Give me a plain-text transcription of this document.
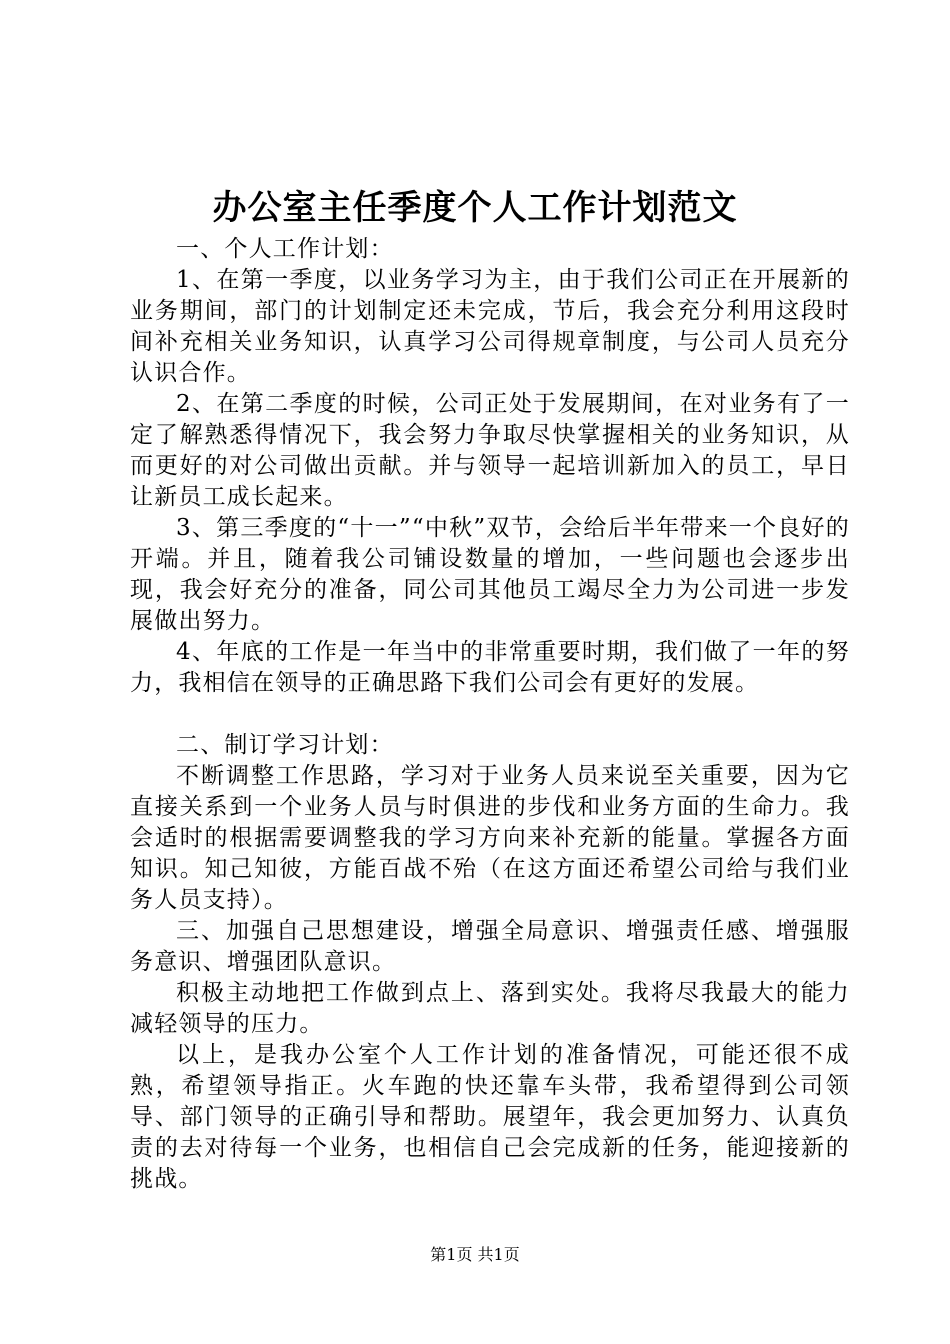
办公室主任季度个人工作计划范文

一、个人工作计划：

1、在第一季度，以业务学习为主，由于我们公司正在开展新的业务期间，部门的计划制定还未完成，节后，我会充分利用这段时间补充相关业务知识，认真学习公司得规章制度，与公司人员充分认识合作。

2、在第二季度的时候，公司正处于发展期间，在对业务有了一定了解熟悉得情况下，我会努力争取尽快掌握相关的业务知识，从而更好的对公司做出贡献。并与领导一起培训新加入的员工，早日让新员工成长起来。

3、第三季度的“十一”“中秋”双节，会给后半年带来一个良好的开端。并且，随着我公司铺设数量的增加，一些问题也会逐步出现，我会好充分的准备，同公司其他员工竭尽全力为公司进一步发展做出努力。

4、年底的工作是一年当中的非常重要时期，我们做了一年的努力，我相信在领导的正确思路下我们公司会有更好的发展。

二、制订学习计划：

不断调整工作思路，学习对于业务人员来说至关重要，因为它直接关系到一个业务人员与时俱进的步伐和业务方面的生命力。我会适时的根据需要调整我的学习方向来补充新的能量。掌握各方面知识。知己知彼，方能百战不殆（在这方面还希望公司给与我们业务人员支持）。

三、加强自己思想建设，增强全局意识、增强责任感、增强服务意识、增强团队意识。

积极主动地把工作做到点上、落到实处。我将尽我最大的能力减轻领导的压力。

以上，是我办公室个人工作计划的准备情况，可能还很不成熟，希望领导指正。火车跑的快还靠车头带，我希望得到公司领导、部门领导的正确引导和帮助。展望年，我会更加努力、认真负责的去对待每一个业务，也相信自己会完成新的任务，能迎接新的挑战。

第1页 共1页
